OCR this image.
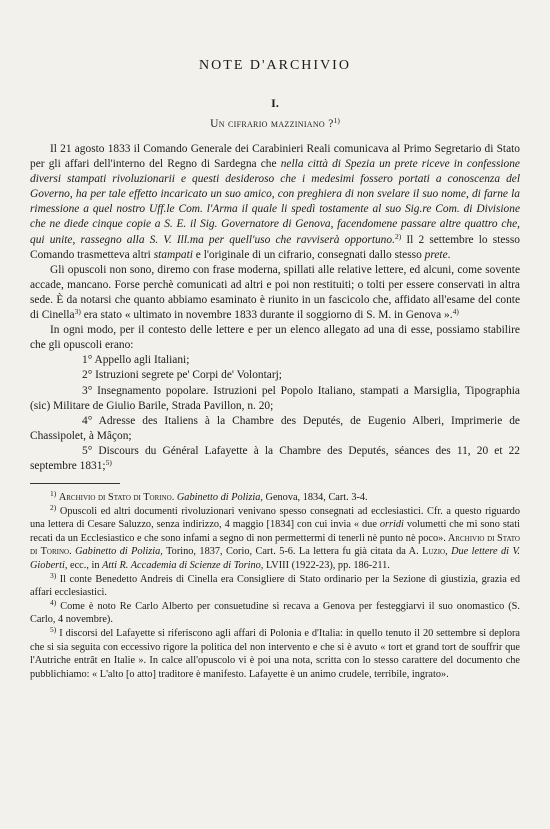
NOTE D'ARCHIVIO
I.
Un cifrario mazziniano ?$^{1)}$

Il 21 agosto 1833 il Comando Generale dei Carabinieri Reali comunicava al Primo Segretario di Stato per gli affari dell'interno del Regno di Sardegna che nella città di Spezia un prete riceve in confessione diversi stampati rivoluzionarii e questi desideroso che i medesimi fossero portati a conoscenza del Governo, ha per tale effetto incaricato un suo amico, con preghiera di non svelare il suo nome, di farne la rimessione a quel nostro Uff.le Com. l'Arma il quale li spedì tostamente al suo Sig.re Com. di Divisione che ne diede cinque copie a S. E. il Sig. Governatore di Genova, facendomene passare altre quattro che, qui unite, rassegno alla S. V. Ill.ma per quell'uso che ravviserà opportuno.$^{2)}$ Il 2 settembre lo stesso Comando trasmetteva altri stampati e l'originale di un cifrario, consegnati dallo stesso prete.

Gli opuscoli non sono, diremo con frase moderna, spillati alle relative lettere, ed alcuni, come sovente accade, mancano. Forse perchè comunicati ad altri e poi non restituiti; o tolti per essere conservati in altra sede. È da notarsi che quanto abbiamo esaminato è riunito in un fascicolo che, affidato all'esame del conte di Cinella$^{3)}$ era stato « ultimato in novembre 1833 durante il soggiorno di S. M. in Genova ».$^{4)}$

In ogni modo, per il contesto delle lettere e per un elenco allegato ad una di esse, possiamo stabilire che gli opuscoli erano:

1° Appello agli Italiani;
2° Istruzioni segrete pe' Corpi de' Volontarj;
3° Insegnamento popolare. Istruzioni pel Popolo Italiano, stampati a Marsiglia, Tipographia (sic) Militare de Giulio Barile, Strada Pavillon, n. 20;
4° Adresse des Italiens à la Chambre des Deputés, de Eugenio Alberi, Imprimerie de Chassipolet, à Mâçon;
5° Discours du Général Lafayette à la Chambre des Deputés, séances des 11, 20 et 22 septembre 1831;$^{5)}$

$^{1)}$ Archivio di Stato di Torino. Gabinetto di Polizia, Genova, 1834, Cart. 3-4.

$^{2)}$ Opuscoli ed altri documenti rivoluzionari venivano spesso consegnati ad ecclesiastici. Cfr. a questo riguardo una lettera di Cesare Saluzzo, senza indirizzo, 4 maggio [1834] con cui invia « due orridi volumetti che mi sono stati recati da un Ecclesiastico e che sono infami a segno di non permettermi di tenerli nè punto nè poco». Archivio di Stato di Torino. Gabinetto di Polizia, Torino, 1837, Corio, Cart. 5-6. La lettera fu già citata da A. Luzio, Due lettere di V. Gioberti, ecc., in Atti R. Accademia di Scienze di Torino, LVIII (1922-23), pp. 186-211.

$^{3)}$ Il conte Benedetto Andreis di Cinella era Consigliere di Stato ordinario per la Sezione di giustizia, grazia ed affari ecclesiastici.

$^{4)}$ Come è noto Re Carlo Alberto per consuetudine si recava a Genova per festeggiarvi il suo onomastico (S. Carlo, 4 novembre).

$^{5)}$ I discorsi del Lafayette si riferiscono agli affari di Polonia e d'Italia: in quello tenuto il 20 settembre si deplora che si sia seguita con eccessivo rigore la politica del non intervento e che si è avuto « tort et grand tort de souffrir que l'Autriche entrât en Italie ». In calce all'opuscolo vi è poi una nota, scritta con lo stesso carattere del documento che pubblichiamo: « L'alto [o atto] traditore è manifesto. Lafayette è un animo crudele, terribile, ingrato».
